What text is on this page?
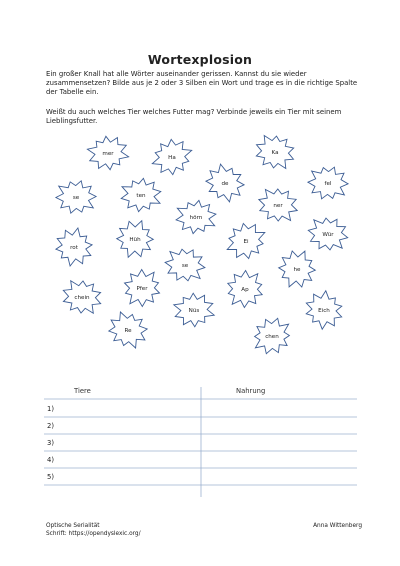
Wortexplosion
Ein großer Knall hat alle Wörter auseinander gerissen. Kannst du sie wieder zusammensetzen? Bilde aus je 2 oder 3 Silben ein Wort und trage es in die richtige Spalte der Tabelle ein.
Weißt du auch welches Tier welches Futter mag? Verbinde jeweils ein Tier mit seinem Lieblingsfutter.
mer
Ha
Ka
fel
de
se	ten
ner
hörn
rot
Hüh	Ei
Wür
se
he
chein
Pfer	Ap
Nüs	Eich
Re
chen
Tiere	Nahrung
1)
2)
3)
4)
5)
Optische Serialität
Schrift: https://opendyslexic.org/
Anna Wittenberg
